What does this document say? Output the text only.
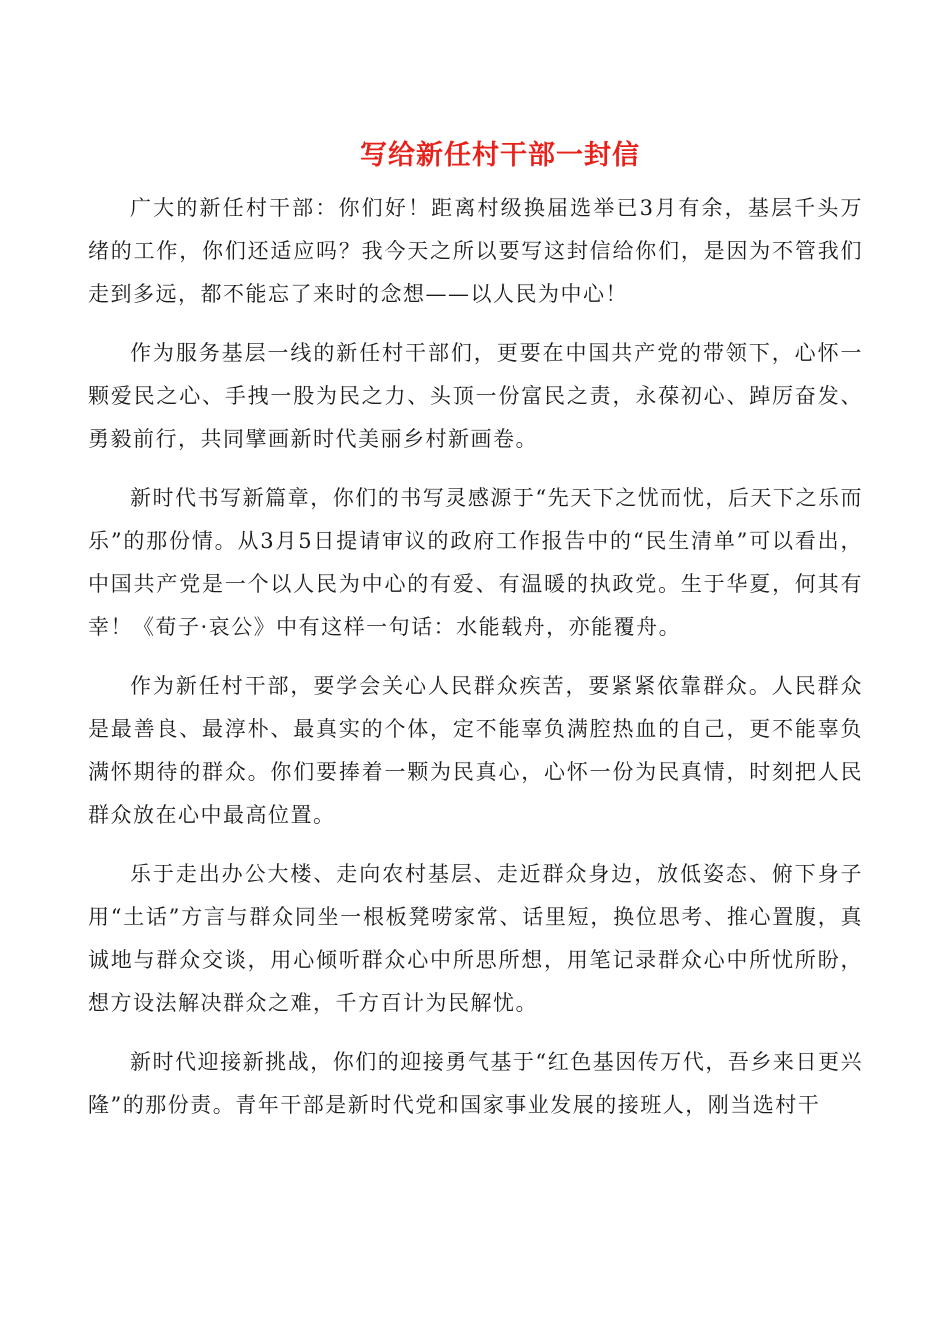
写给新任村干部一封信

广大的新任村干部：你们好！距离村级换届选举已3月有余，基层千头万绪的工作，你们还适应吗？我今天之所以要写这封信给你们，是因为不管我们走到多远，都不能忘了来时的念想——以人民为中心！

作为服务基层一线的新任村干部们，更要在中国共产党的带领下，心怀一颗爱民之心、手拽一股为民之力、头顶一份富民之责，永葆初心、踔厉奋发、勇毅前行，共同擘画新时代美丽乡村新画卷。

新时代书写新篇章，你们的书写灵感源于“先天下之忧而忧，后天下之乐而乐”的那份情。从3月5日提请审议的政府工作报告中的“民生清单”可以看出，中国共产党是一个以人民为中心的有爱、有温暖的执政党。生于华夏，何其有幸！《荀子·哀公》中有这样一句话：水能载舟，亦能覆舟。

作为新任村干部，要学会关心人民群众疾苦，要紧紧依靠群众。人民群众是最善良、最淳朴、最真实的个体，定不能辜负满腔热血的自己，更不能辜负满怀期待的群众。你们要捧着一颗为民真心，心怀一份为民真情，时刻把人民群众放在心中最高位置。

乐于走出办公大楼、走向农村基层、走近群众身边，放低姿态、俯下身子用“土话”方言与群众同坐一根板凳唠家常、话里短，换位思考、推心置腹，真诚地与群众交谈，用心倾听群众心中所思所想，用笔记录群众心中所忧所盼，想方设法解决群众之难，千方百计为民解忧。

新时代迎接新挑战，你们的迎接勇气基于“红色基因传万代，吾乡来日更兴隆”的那份责。青年干部是新时代党和国家事业发展的接班人，刚当选村干
